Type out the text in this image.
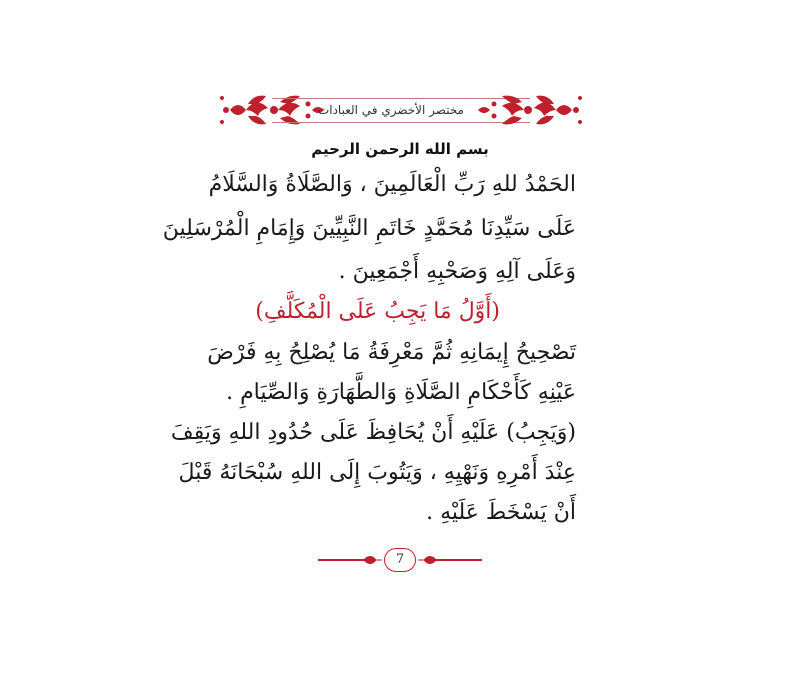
مختصر الأخضري في العبادات
بسم الله الرحمن الرحيم
الحَمْدُ للهِ رَبِّ الْعَالَمِينَ ، وَالصَّلَاةُ وَالسَّلَامُ
عَلَى سَيِّدِنَا مُحَمَّدٍ خَاتَمِ النَّبِيِّينَ وَإِمَامِ الْمُرْسَلِينَ
وَعَلَى آلِهِ وَصَحْبِهِ أَجْمَعِينَ .
(أَوَّلُ مَا يَجِبُ عَلَى الْمُكَلَّفِ)
تَصْحِيحُ إِيمَانِهِ ثُمَّ مَعْرِفَةُ مَا يُصْلِحُ بِهِ فَرْضَ
عَيْنِهِ كَأَحْكَامِ الصَّلَاةِ وَالطَّهَارَةِ وَالصِّيَامِ .
(وَيَجِبُ) عَلَيْهِ أَنْ يُحَافِظَ عَلَى حُدُودِ اللهِ وَيَقِفَ
عِنْدَ أَمْرِهِ وَنَهْيِهِ ، وَيَتُوبَ إِلَى اللهِ سُبْحَانَهُ قَبْلَ
أَنْ يَسْخَطَ عَلَيْهِ .
7
